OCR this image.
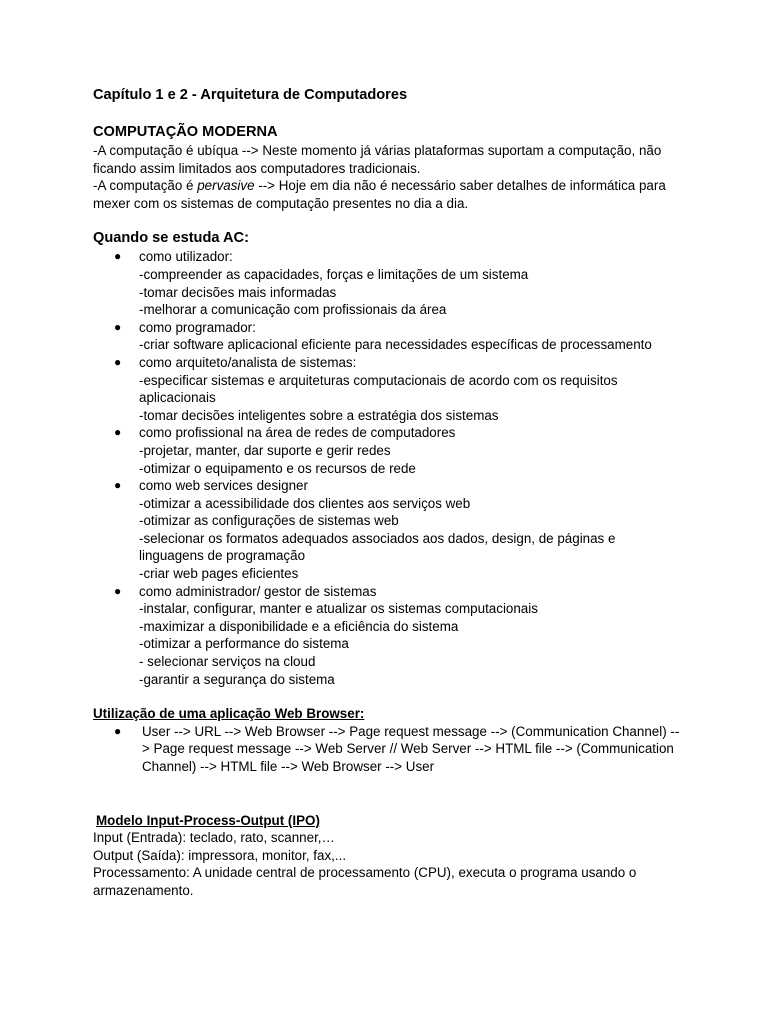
Capítulo 1 e 2 - Arquitetura de Computadores

COMPUTAÇÃO MODERNA

-A computação é ubíqua --> Neste momento já várias plataformas suportam a computação, não ficando assim limitados aos computadores tradicionais.

-A computação é pervasive --> Hoje em dia não é necessário saber detalhes de informática para mexer com os sistemas de computação presentes no dia a dia.

Quando se estuda AC:

● como utilizador:
-compreender as capacidades, forças e limitações de um sistema
-tomar decisões mais informadas
-melhorar a comunicação com profissionais da área
● como programador:
-criar software aplicacional eficiente para necessidades específicas de processamento
● como arquiteto/analista de sistemas:
-especificar sistemas e arquiteturas computacionais de acordo com os requisitos aplicacionais
-tomar decisões inteligentes sobre a estratégia dos sistemas
● como profissional na área de redes de computadores
-projetar, manter, dar suporte e gerir redes
-otimizar o equipamento e os recursos de rede
● como web services designer
-otimizar a acessibilidade dos clientes aos serviços web
-otimizar as configurações de sistemas web
-selecionar os formatos adequados associados aos dados, design, de páginas e linguagens de programação
-criar web pages eficientes
● como administrador/ gestor de sistemas
-instalar, configurar, manter e atualizar os sistemas computacionais
-maximizar a disponibilidade e a eficiência do sistema
-otimizar a performance do sistema
- selecionar serviços na cloud
-garantir a segurança do sistema

Utilização de uma aplicação Web Browser:

● User --> URL --> Web Browser --> Page request message --> (Communication Channel) --> Page request message --> Web Server // Web Server --> HTML file --> (Communication Channel) --> HTML file --> Web Browser --> User

Modelo Input-Process-Output (IPO)

Input (Entrada): teclado, rato, scanner,…

Output (Saída): impressora, monitor, fax,...

Processamento: A unidade central de processamento (CPU), executa o programa usando o armazenamento.
